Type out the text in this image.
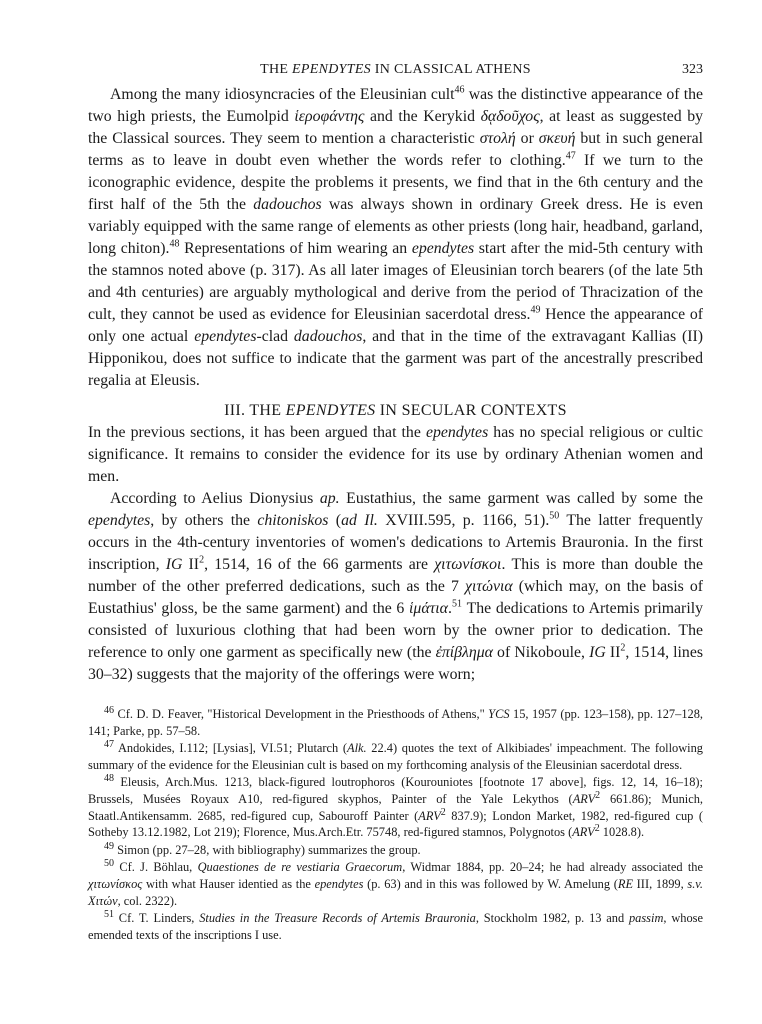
THE EPENDYTES IN CLASSICAL ATHENS	323

Among the many idiosyncracies of the Eleusinian cult$^{46}$ was the distinctive appearance of the two high priests, the Eumolpid ἱεροφάντης and the Kerykid δᾳδοῦχος, at least as suggested by the Classical sources. They seem to mention a characteristic στολή or σκευή but in such general terms as to leave in doubt even whether the words refer to clothing.$^{47}$ If we turn to the iconographic evidence, despite the problems it presents, we find that in the 6th century and the first half of the 5th the dadouchos was always shown in ordinary Greek dress. He is even variably equipped with the same range of elements as other priests (long hair, headband, garland, long chiton).$^{48}$ Representations of him wearing an ependytes start after the mid-5th century with the stamnos noted above (p. 317). As all later images of Eleusinian torch bearers (of the late 5th and 4th centuries) are arguably mythological and derive from the period of Thracization of the cult, they cannot be used as evidence for Eleusinian sacerdotal dress.$^{49}$ Hence the appearance of only one actual ependytes-clad dadouchos, and that in the time of the extravagant Kallias (II) Hipponikou, does not suffice to indicate that the garment was part of the ancestrally prescribed regalia at Eleusis.

III. THE EPENDYTES IN SECULAR CONTEXTS

In the previous sections, it has been argued that the ependytes has no special religious or cultic significance. It remains to consider the evidence for its use by ordinary Athenian women and men.

According to Aelius Dionysius ap. Eustathius, the same garment was called by some the ependytes, by others the chitoniskos (ad Il. XVIII.595, p. 1166, 51).$^{50}$ The latter frequently occurs in the 4th-century inventories of women's dedications to Artemis Brauronia. In the first inscription, IG $II^2$, 1514, 16 of the 66 garments are χιτωνίσκοι. This is more than double the number of the other preferred dedications, such as the 7 χιτώνια (which may, on the basis of Eustathius' gloss, be the same garment) and the 6 ἱμάτια.$^{51}$ The dedications to Artemis primarily consisted of luxurious clothing that had been worn by the owner prior to dedication. The reference to only one garment as specifically new (the ἐπίβλημα of Nikoboule, IG $II^2$, 1514, lines 30–32) suggests that the majority of the offerings were worn;

$^{46}$ Cf. D. D. Feaver, "Historical Development in the Priesthoods of Athens," YCS 15, 1957 (pp. 123–158), pp. 127–128, 141; Parke, pp. 57–58.

$^{47}$ Andokides, I.112; [Lysias], VI.51; Plutarch (Alk. 22.4) quotes the text of Alkibiades' impeachment. The following summary of the evidence for the Eleusinian cult is based on my forthcoming analysis of the Eleusinian sacerdotal dress.

$^{48}$ Eleusis, Arch.Mus. 1213, black-figured loutrophoros (Kourouniotes [footnote 17 above], figs. 12, 14, 16–18); Brussels, Musées Royaux A10, red-figured skyphos, Painter of the Yale Lekythos (ARV$^2$ 661.86); Munich, Staatl.Antikensamm. 2685, red-figured cup, Sabouroff Painter (ARV$^2$ 837.9); London Market, 1982, red-figured cup ( Sotheby 13.12.1982, Lot 219); Florence, Mus.Arch.Etr. 75748, red-figured stamnos, Polygnotos (ARV$^2$ 1028.8).

$^{49}$ Simon (pp. 27–28, with bibliography) summarizes the group.

$^{50}$ Cf. J. Böhlau, Quaestiones de re vestiaria Graecorum, Widmar 1884, pp. 20–24; he had already associated the χιτωνίσκος with what Hauser identied as the ependytes (p. 63) and in this was followed by W. Amelung (RE III, 1899, s.v. Χιτών, col. 2322).

$^{51}$ Cf. T. Linders, Studies in the Treasure Records of Artemis Brauronia, Stockholm 1982, p. 13 and passim, whose emended texts of the inscriptions I use.
